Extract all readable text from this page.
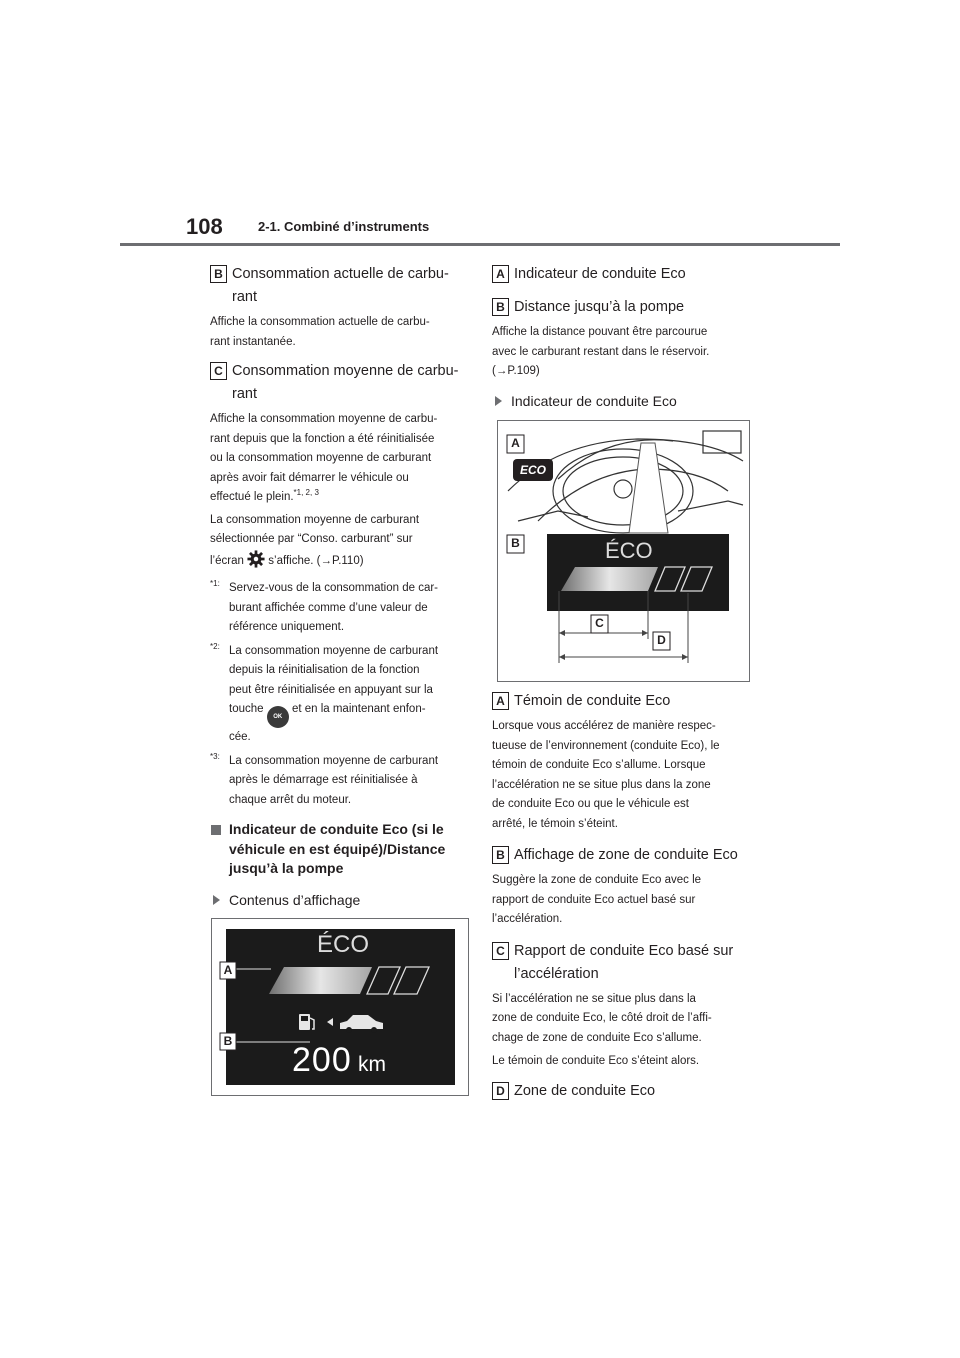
108	2-1. Combiné d’instruments
B Consommation actuelle de carbu-
rant
Affiche la consommation actuelle de carbu-
rant instantanée.
C Consommation moyenne de carbu-
rant
Affiche la consommation moyenne de carbu-
rant depuis que la fonction a été réinitialisée
ou la consommation moyenne de carburant
après avoir fait démarrer le véhicule ou
effectué le plein.$^{*1, 2, 3}$
La consommation moyenne de carburant
sélectionnée par “Conso. carburant” sur
l’écran s’affiche. (→P.110)
$^{*1:}$ Servez-vous de la consommation de car-
burant affichée comme d’une valeur de
référence uniquement.
$^{*2:}$ La consommation moyenne de carburant
depuis la réinitialisation de la fonction
peut être réinitialisée en appuyant sur la
touche OK et en la maintenant enfon-
cée.
$^{*3:}$ La consommation moyenne de carburant
après le démarrage est réinitialisée à
chaque arrêt du moteur.
Indicateur de conduite Eco (si le
véhicule en est équipé)/Distance
jusqu’à la pompe
Contenus d’affichage
ÉCO
200 km
A
B
A Indicateur de conduite Eco
B Distance jusqu’à la pompe
Affiche la distance pouvant être parcourue
avec le carburant restant dans le réservoir.
(→P.109)
Indicateur de conduite Eco
ECO
ÉCO
A
B
C
D
A Témoin de conduite Eco
Lorsque vous accélérez de manière respec-
tueuse de l’environnement (conduite Eco), le
témoin de conduite Eco s’allume. Lorsque
l’accélération ne se situe plus dans la zone
de conduite Eco ou que le véhicule est
arrêté, le témoin s’éteint.
B Affichage de zone de conduite Eco
Suggère la zone de conduite Eco avec le
rapport de conduite Eco actuel basé sur
l’accélération.
C Rapport de conduite Eco basé sur
l’accélération
Si l’accélération ne se situe plus dans la
zone de conduite Eco, le côté droit de l’affi-
chage de zone de conduite Eco s’allume.
Le témoin de conduite Eco s’éteint alors.
D Zone de conduite Eco
